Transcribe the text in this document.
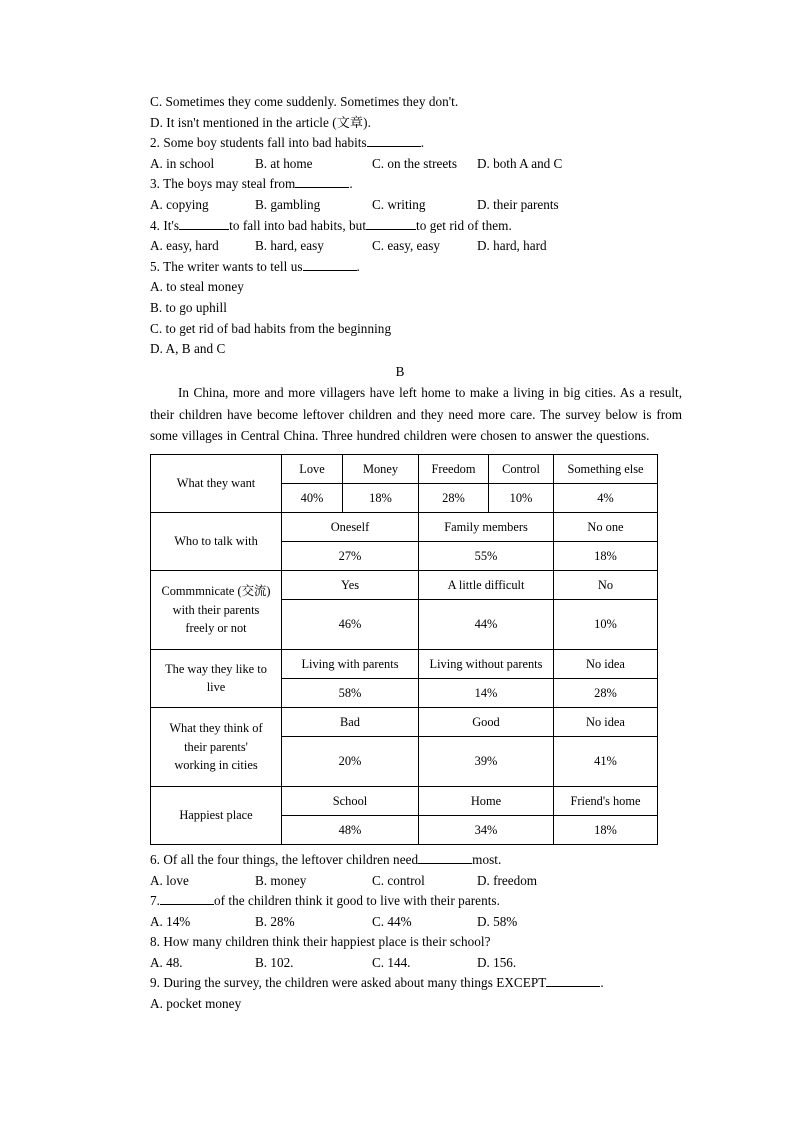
C. Sometimes they come suddenly. Sometimes they don't.
D. It isn't mentioned in the article (文章).
2. Some boy students fall into bad habits	.
A. in school	B. at home	C. on the streets D. both A and C
3. The boys may steal from	.
A. copying	B. gambling	C. writing	D. their parents
4. It's	to fall into bad habits, but	to get rid of them.
A. easy, hard	B. hard, easy	C. easy, easy	D. hard, hard
5. The writer wants to tell us	.
A. to steal money
B. to go uphill
C. to get rid of bad habits from the beginning
D. A, B and C
B
In China, more and more villagers have left home to make a living in big cities. As a result, their children have become leftover children and they need more care. The survey below is from some villages in Central China. Three hundred children were chosen to answer the questions.
What they want	Love	Money	Freedom	Control	Something else
	40%	18%	28%	10%	4%
Who to talk with	Oneself		Family members		No one
	27%		55%		18%

Commmnicate (交流)
with their parents
freely or not	Yes		A little difficult		No
	46%		44%		10%

The way they like to
live	Living with parents		Living without parents		No idea
	58%		14%		28%

What they think of
their parents'
working in cities	Bad		Good		No idea
	20%		39%		41%
Happiest place	School		Home		Friend's home
	48%		34%		18%
6. Of all the four things, the leftover children need	most.
A. love	B. money	C. control	D. freedom
7.	of the children think it good to live with their parents.
A. 14%	B. 28%	C. 44%	D. 58%
8. How many children think their happiest place is their school?
A. 48.	B. 102.	C. 144.	D. 156.
9. During the survey, the children were asked about many things EXCEPT	.
A. pocket money
